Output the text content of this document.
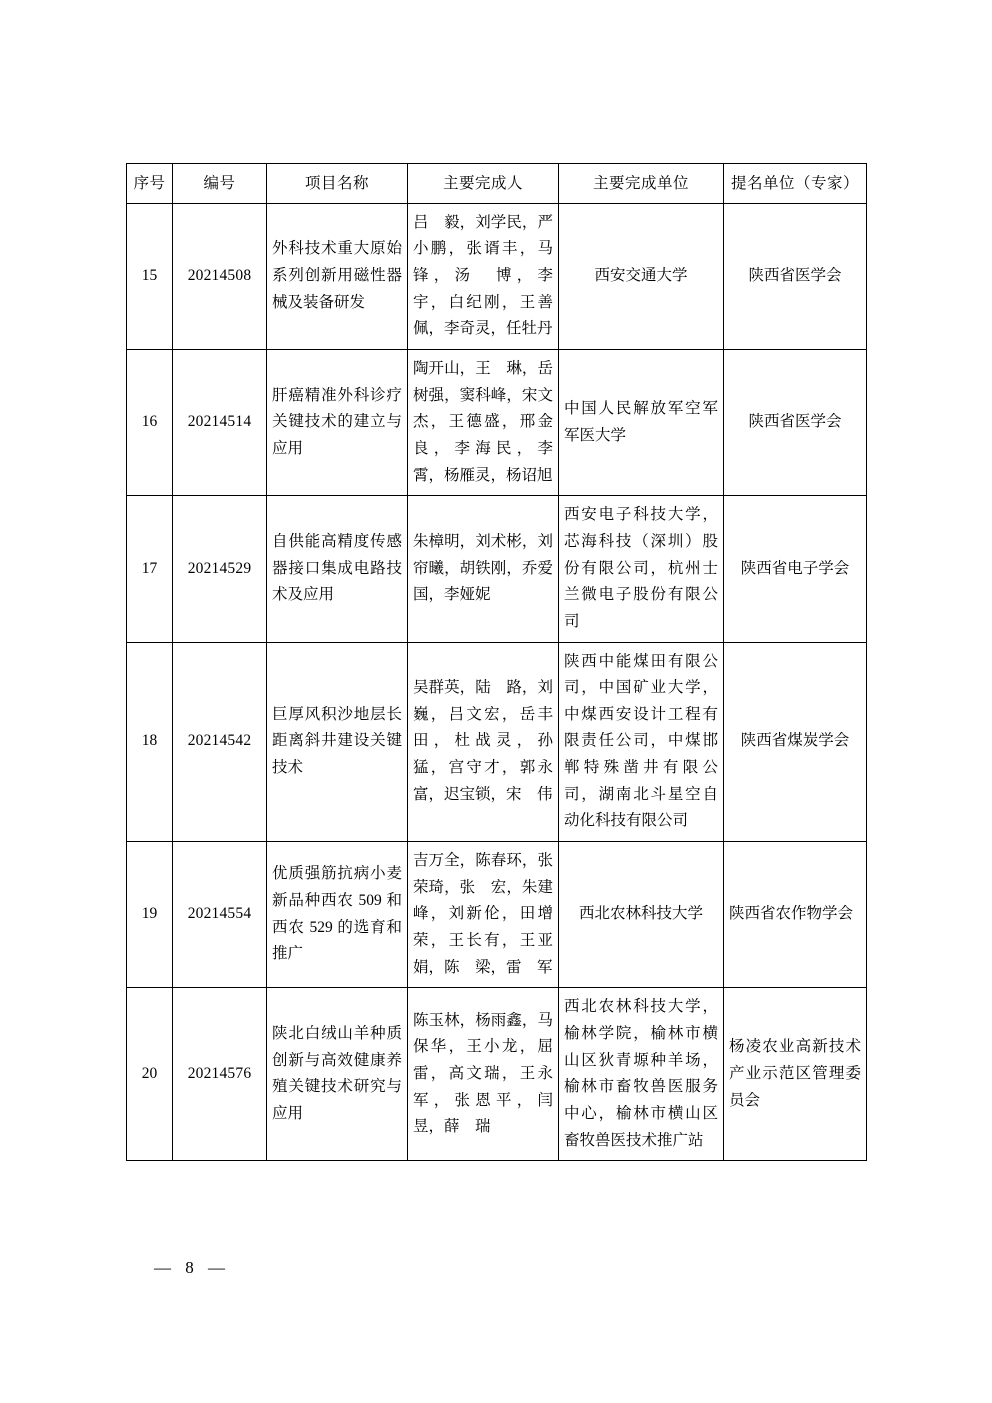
序号	编号	项目名称	主要完成人	主要完成单位	提名单位（专家）
15	20214508	外科技术重大原始系列创新用磁性器械及装备研发	吕　毅，刘学民，严小鹏，张谞丰，马　锋，汤　博，李　宇，白纪刚，王善佩，李奇灵，任牡丹	西安交通大学	陕西省医学会
16	20214514	肝癌精准外科诊疗关键技术的建立与应用	陶开山，王　琳，岳树强，窦科峰，宋文杰，王德盛，邢金良，李海民，李　霄，杨雁灵，杨诏旭	中国人民解放军空军军医大学	陕西省医学会
17	20214529	自供能高精度传感器接口集成电路技术及应用	朱樟明，刘术彬，刘帘曦，胡铁刚，乔爱国，李娅妮	西安电子科技大学，芯海科技（深圳）股份有限公司，杭州士兰微电子股份有限公司	陕西省电子学会
18	20214542	巨厚风积沙地层长距离斜井建设关键技术	吴群英，陆　路，刘　巍，吕文宏，岳丰田，杜战灵，孙　猛，宫守才，郭永富，迟宝锁，宋　伟	陕西中能煤田有限公司，中国矿业大学，中煤西安设计工程有限责任公司，中煤邯郸特殊凿井有限公司，湖南北斗星空自动化科技有限公司	陕西省煤炭学会
19	20214554	优质强筋抗病小麦新品种西农 509 和西农 529 的选育和推广	吉万全，陈春环，张荣琦，张　宏，朱建峰，刘新伦，田增荣，王长有，王亚娟，陈　梁，雷　军	西北农林科技大学	陕西省农作物学会
20	20214576	陕北白绒山羊种质创新与高效健康养殖关键技术研究与应用	陈玉林，杨雨鑫，马保华，王小龙，屈　雷，高文瑞，王永军，张恩平，闫　昱，薛　瑞	西北农林科技大学，榆林学院，榆林市横山区狄青塬种羊场，榆林市畜牧兽医服务中心，榆林市横山区畜牧兽医技术推广站	杨凌农业高新技术产业示范区管理委员会
— 8 —
